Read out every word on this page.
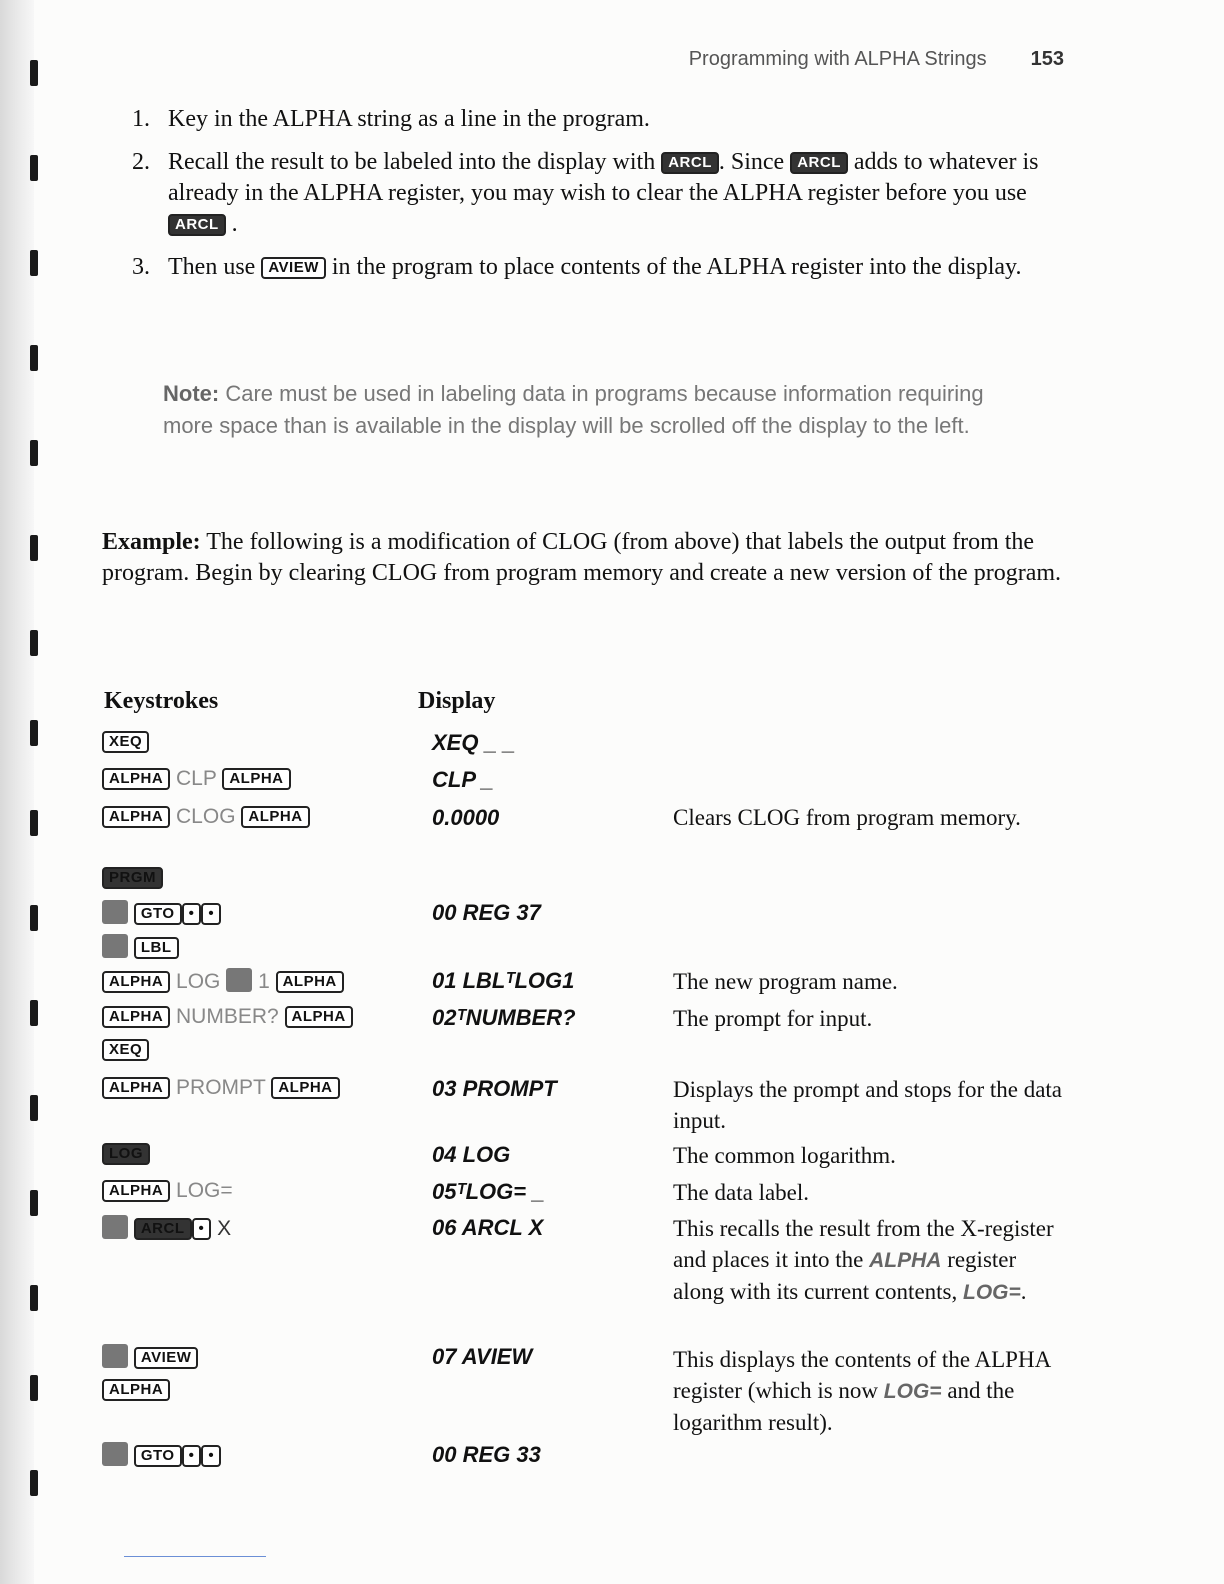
Programming with ALPHA Strings 153
1. Key in the ALPHA string as a line in the program.
2. Recall the result to be labeled into the display with ARCL . Since ARCL adds to whatever is already in the ALPHA register, you may wish to clear the ALPHA register before you use ARCL .
3. Then use AVIEW in the program to place contents of the ALPHA register into the display.
Note: Care must be used in labeling data in programs because information requiring more space than is available in the display will be scrolled off the display to the left.
Example: The following is a modification of CLOG (from above) that labels the output from the program. Begin by clearing CLOG from program memory and create a new version of the program.
Keystrokes	Display
XEQ	XEQ _ _
ALPHA CLP ALPHA	CLP _
ALPHA CLOG ALPHA	0.0000	Clears CLOG from program memory.
PRGM
GTO • •	00 REG 37
LBL
ALPHA LOG 1 ALPHA	01 LBLᵀLOG1	The new program name.
ALPHA NUMBER? ALPHA	02ᵀNUMBER?	The prompt for input.
XEQ
ALPHA PROMPT ALPHA	03 PROMPT	Displays the prompt and stops for the data input.
LOG	04 LOG	The common logarithm.
ALPHA LOG=	05ᵀLOG= _	The data label.
ARCL • X	06 ARCL X	This recalls the result from the X-register and places it into the ALPHA register along with its current contents, LOG=.
AVIEW	07 AVIEW	This displays the contents of the ALPHA register (which is now LOG= and the logarithm result).
ALPHA
GTO • •	00 REG 33
